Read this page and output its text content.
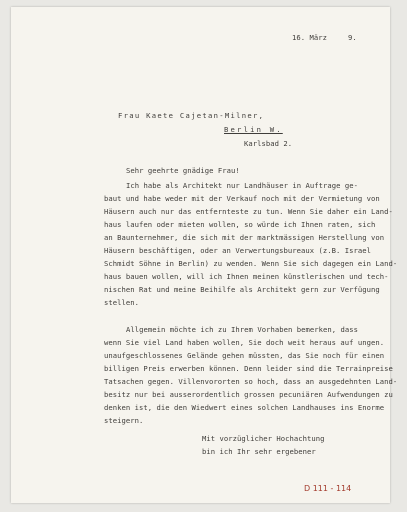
16. März	9.
Frau Kaete Cajetan-Milner,
Berlin W.
Karlsbad 2.
Sehr geehrte gnädige Frau!
Ich habe als Architekt nur Landhäuser in Auftrage ge-
baut und habe weder mit der Verkauf noch mit der Vermietung von
Häusern auch nur das entfernteste zu tun. Wenn Sie daher ein Land-
haus laufen oder mieten wollen, so würde ich Ihnen raten, sich
an Baunternehmer, die sich mit der marktmässigen Herstellung von
Häusern beschäftigen, oder an Verwertungsbureaux (z.B. Israel
Schmidt Söhne in Berlin) zu wenden. Wenn Sie sich dagegen ein Land-
haus bauen wollen, will ich Ihnen meinen künstlerischen und tech-
nischen Rat und meine Beihilfe als Architekt gern zur Verfügung
stellen.
Allgemein möchte ich zu Ihrem Vorhaben bemerken, dass
wenn Sie viel Land haben wollen, Sie doch weit heraus auf ungen.
unaufgeschlossenes Gelände gehen müssten, das Sie noch für einen
billigen Preis erwerben können. Denn leider sind die Terrainpreise
Tatsachen gegen. Villenvororten so hoch, dass an ausgedehnten Land-
besitz nur bei ausserordentlich grossen pecuniären Aufwendungen zu
denken ist, die den Wiedwert eines solchen Landhauses ins Enorme
steigern.
Mit vorzüglicher Hochachtung
bin ich Ihr sehr ergebener
D 111 - 114
